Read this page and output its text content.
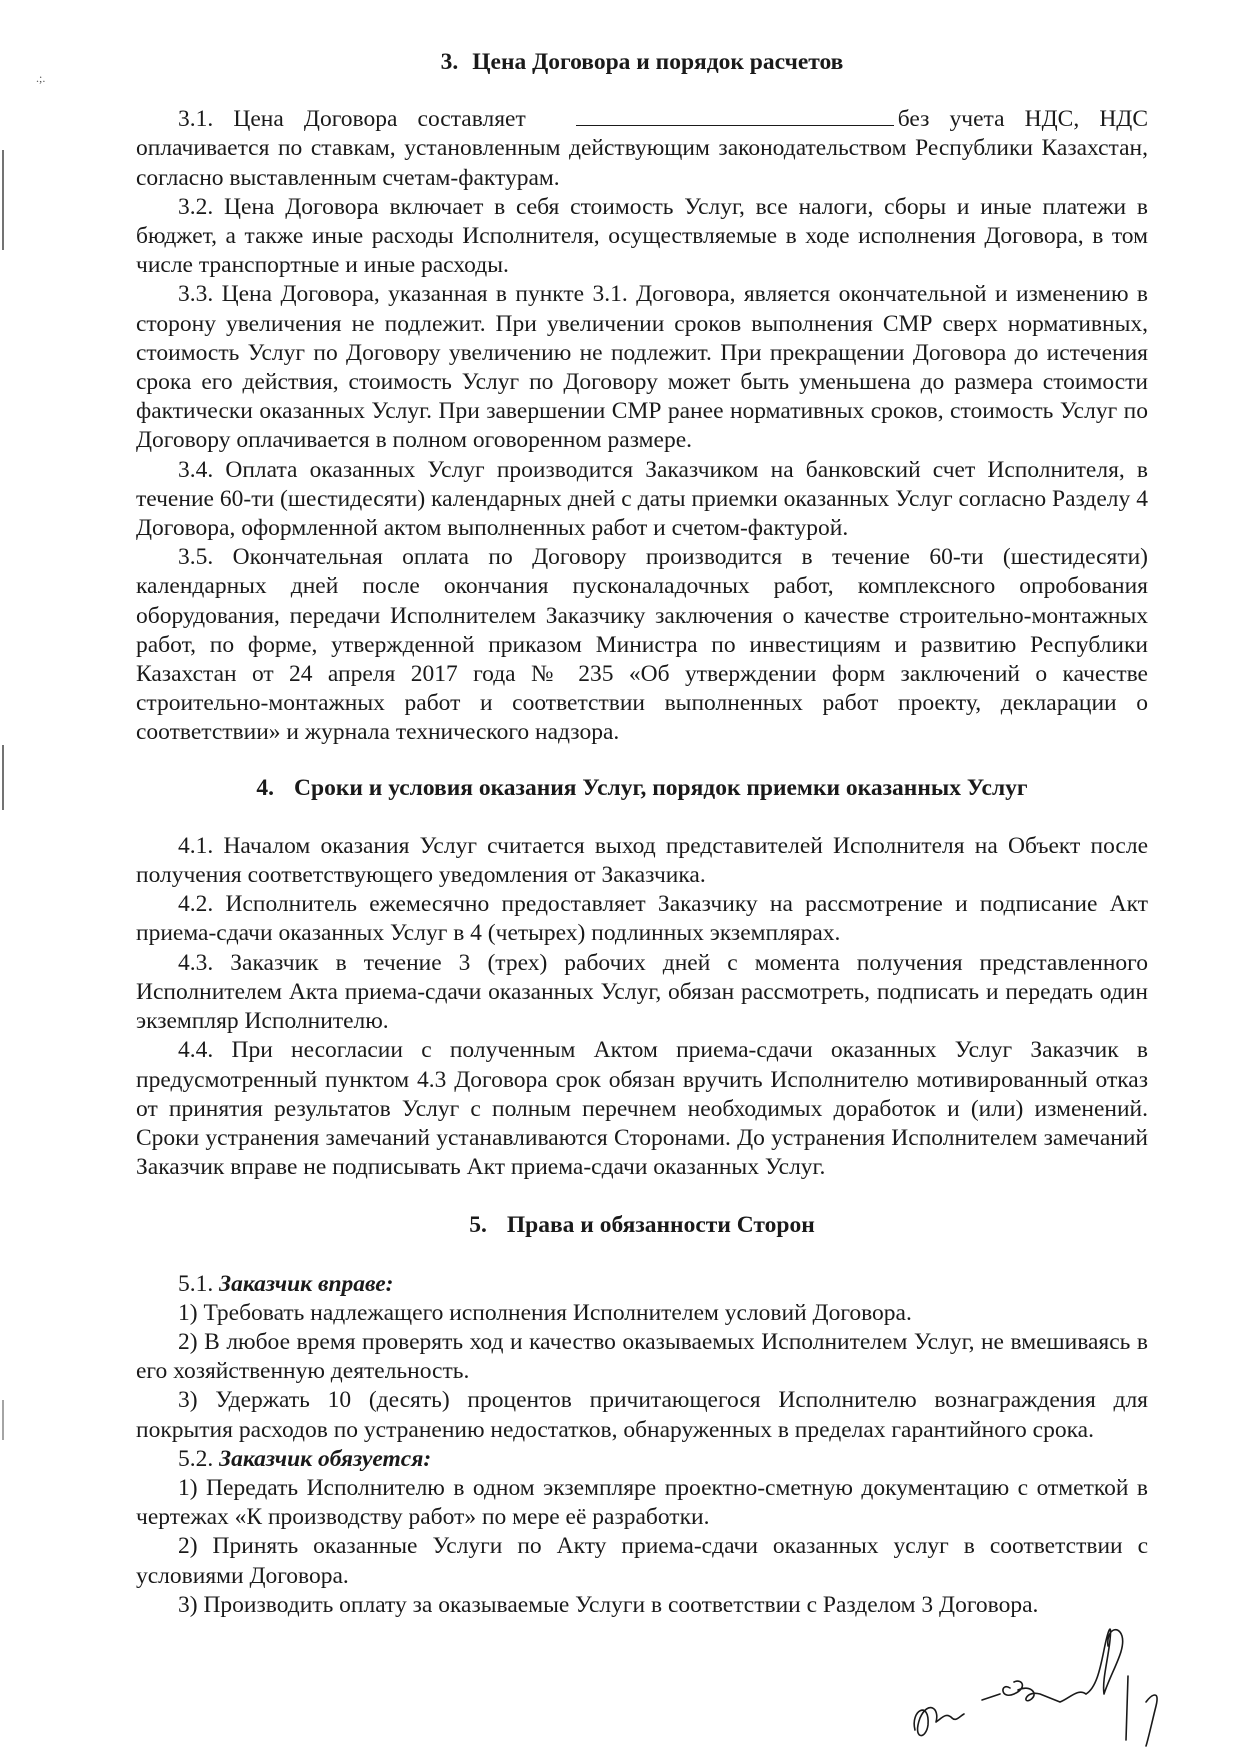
.;.
3. Цена Договора и порядок расчетов

3.1. Цена Договора составляет	без учета НДС, НДС оплачивается по ставкам, установленным действующим законодательством Республики Казахстан, согласно выставленным счетам-фактурам.

3.2. Цена Договора включает в себя стоимость Услуг, все налоги, сборы и иные платежи в бюджет, а также иные расходы Исполнителя, осуществляемые в ходе исполнения Договора, в том числе транспортные и иные расходы.

3.3. Цена Договора, указанная в пункте 3.1. Договора, является окончательной и изменению в сторону увеличения не подлежит. При увеличении сроков выполнения СМР сверх нормативных, стоимость Услуг по Договору увеличению не подлежит. При прекращении Договора до истечения срока его действия, стоимость Услуг по Договору может быть уменьшена до размера стоимости фактически оказанных Услуг. При завершении СМР ранее нормативных сроков, стоимость Услуг по Договору оплачивается в полном оговоренном размере.

3.4. Оплата оказанных Услуг производится Заказчиком на банковский счет Исполнителя, в течение 60-ти (шестидесяти) календарных дней с даты приемки оказанных Услуг согласно Разделу 4 Договора, оформленной актом выполненных работ и счетом-фактурой.

3.5. Окончательная оплата по Договору производится в течение 60-ти (шестидесяти) календарных дней после окончания пусконаладочных работ, комплексного опробования оборудования, передачи Исполнителем Заказчику заключения о качестве строительно-монтажных работ, по форме, утвержденной приказом Министра по инвестициям и развитию Республики Казахстан от 24 апреля 2017 года № 235 «Об утверждении форм заключений о качестве строительно-монтажных работ и соответствии выполненных работ проекту, декларации о соответствии» и журнала технического надзора.

4. Сроки и условия оказания Услуг, порядок приемки оказанных Услуг

4.1. Началом оказания Услуг считается выход представителей Исполнителя на Объект после получения соответствующего уведомления от Заказчика.

4.2. Исполнитель ежемесячно предоставляет Заказчику на рассмотрение и подписание Акт приема-сдачи оказанных Услуг в 4 (четырех) подлинных экземплярах.

4.3. Заказчик в течение 3 (трех) рабочих дней с момента получения представленного Исполнителем Акта приема-сдачи оказанных Услуг, обязан рассмотреть, подписать и передать один экземпляр Исполнителю.

4.4. При несогласии с полученным Актом приема-сдачи оказанных Услуг Заказчик в предусмотренный пунктом 4.3 Договора срок обязан вручить Исполнителю мотивированный отказ от принятия результатов Услуг с полным перечнем необходимых доработок и (или) изменений. Сроки устранения замечаний устанавливаются Сторонами. До устранения Исполнителем замечаний Заказчик вправе не подписывать Акт приема-сдачи оказанных Услуг.

5. Права и обязанности Сторон

5.1. Заказчик вправе:

1) Требовать надлежащего исполнения Исполнителем условий Договора.

2) В любое время проверять ход и качество оказываемых Исполнителем Услуг, не вмешиваясь в его хозяйственную деятельность.

3) Удержать 10 (десять) процентов причитающегося Исполнителю вознаграждения для покрытия расходов по устранению недостатков, обнаруженных в пределах гарантийного срока.

5.2. Заказчик обязуется:

1) Передать Исполнителю в одном экземпляре проектно-сметную документацию с отметкой в чертежах «К производству работ» по мере её разработки.

2) Принять оказанные Услуги по Акту приема-сдачи оказанных услуг в соответствии с условиями Договора.

3) Производить оплату за оказываемые Услуги в соответствии с Разделом 3 Договора.
